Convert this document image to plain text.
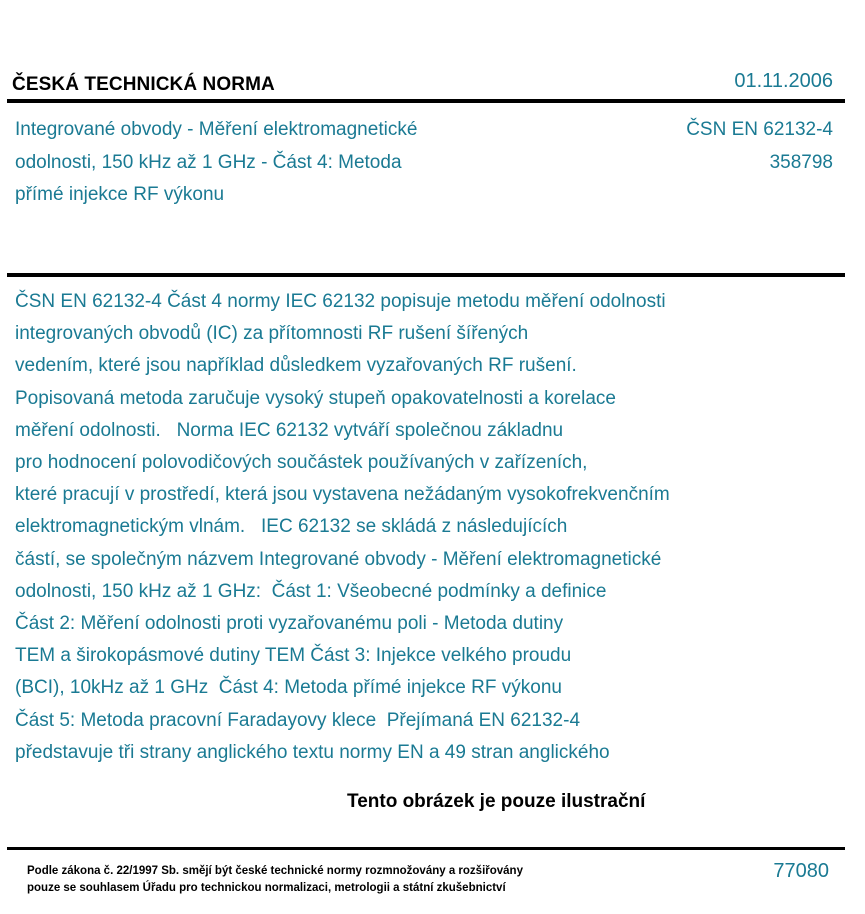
ČESKÁ TECHNICKÁ NORMA	01.11.2006
Integrované obvody - Měření elektromagnetické
odolnosti, 150 kHz až 1 GHz - Část 4: Metoda
přímé injekce RF výkonu
ČSN EN 62132-4
358798
ČSN EN 62132-4 Část 4 normy IEC 62132 popisuje metodu měření odolnosti
integrovaných obvodů (IC) za přítomnosti RF rušení šířených
vedením, které jsou například důsledkem vyzařovaných RF rušení.
Popisovaná metoda zaručuje vysoký stupeň opakovatelnosti a korelace
měření odolnosti.   Norma IEC 62132 vytváří společnou základnu
pro hodnocení polovodičových součástek používaných v zařízeních,
které pracují v prostředí, která jsou vystavena nežádaným vysokofrekvenčním
elektromagnetickým vlnám.   IEC 62132 se skládá z následujících
částí, se společným názvem Integrované obvody - Měření elektromagnetické
odolnosti, 150 kHz až 1 GHz:  Část 1: Všeobecné podmínky a definice
Část 2: Měření odolnosti proti vyzařovanému poli - Metoda dutiny
TEM a širokopásmové dutiny TEM Část 3: Injekce velkého proudu
(BCI), 10kHz až 1 GHz  Část 4: Metoda přímé injekce RF výkonu
Část 5: Metoda pracovní Faradayovy klece  Přejímaná EN 62132-4
představuje tři strany anglického textu normy EN a 49 stran anglického
Tento obrázek je pouze ilustrační
Podle zákona č. 22/1997 Sb. smějí být české technické normy rozmnožovány a rozšiřovány
pouze se souhlasem Úřadu pro technickou normalizaci, metrologii a státní zkušebnictví
77080
